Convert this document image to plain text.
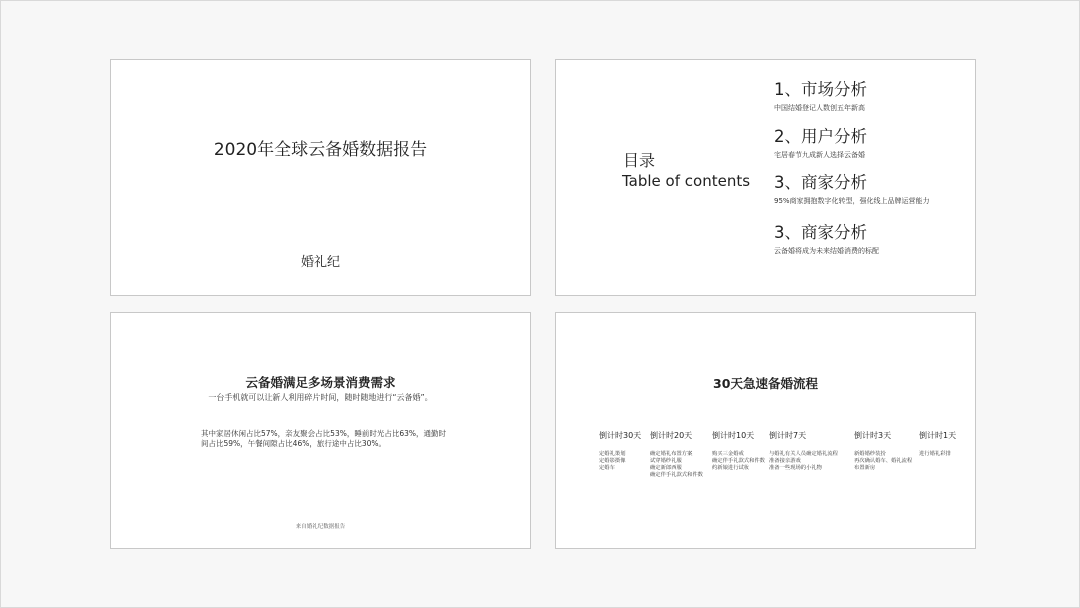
2020年全球云备婚数据报告
婚礼纪
目录
Table of contents
1、市场分析
中国结婚登记人数创五年新高
2、用户分析
宅居春节九成新人选择云备婚
3、商家分析
95%商家拥抱数字化转型，强化线上品牌运营能力
3、商家分析
云备婚将成为未来结婚消费的标配
云备婚满足多场景消费需求
一台手机就可以让新人利用碎片时间，随时随地进行“云备婚”。
其中家居休闲占比57%，亲友聚会占比53%，睡前时光占比63%，通勤时间占比59%，午餐间隙占比46%，旅行途中占比30%。
来自婚礼纪数据报告
30天急速备婚流程
倒计时30天
定婚礼策划
定婚影摄像
定婚车
倒计时20天
确定婚礼布置方案
试穿婚纱礼服
确定新郎西服
确定伴手礼款式和件数
倒计时10天
购买三金婚戒
确定伴手礼款式和件数
约新娘进行试妆
倒计时7天
与婚礼有关人员确定婚礼流程
准备接亲游戏
准备一些现场的小礼物
倒计时3天
新婚婚纱装扮
再次确认婚车、婚礼流程
布置新房
倒计时1天
进行婚礼彩排
